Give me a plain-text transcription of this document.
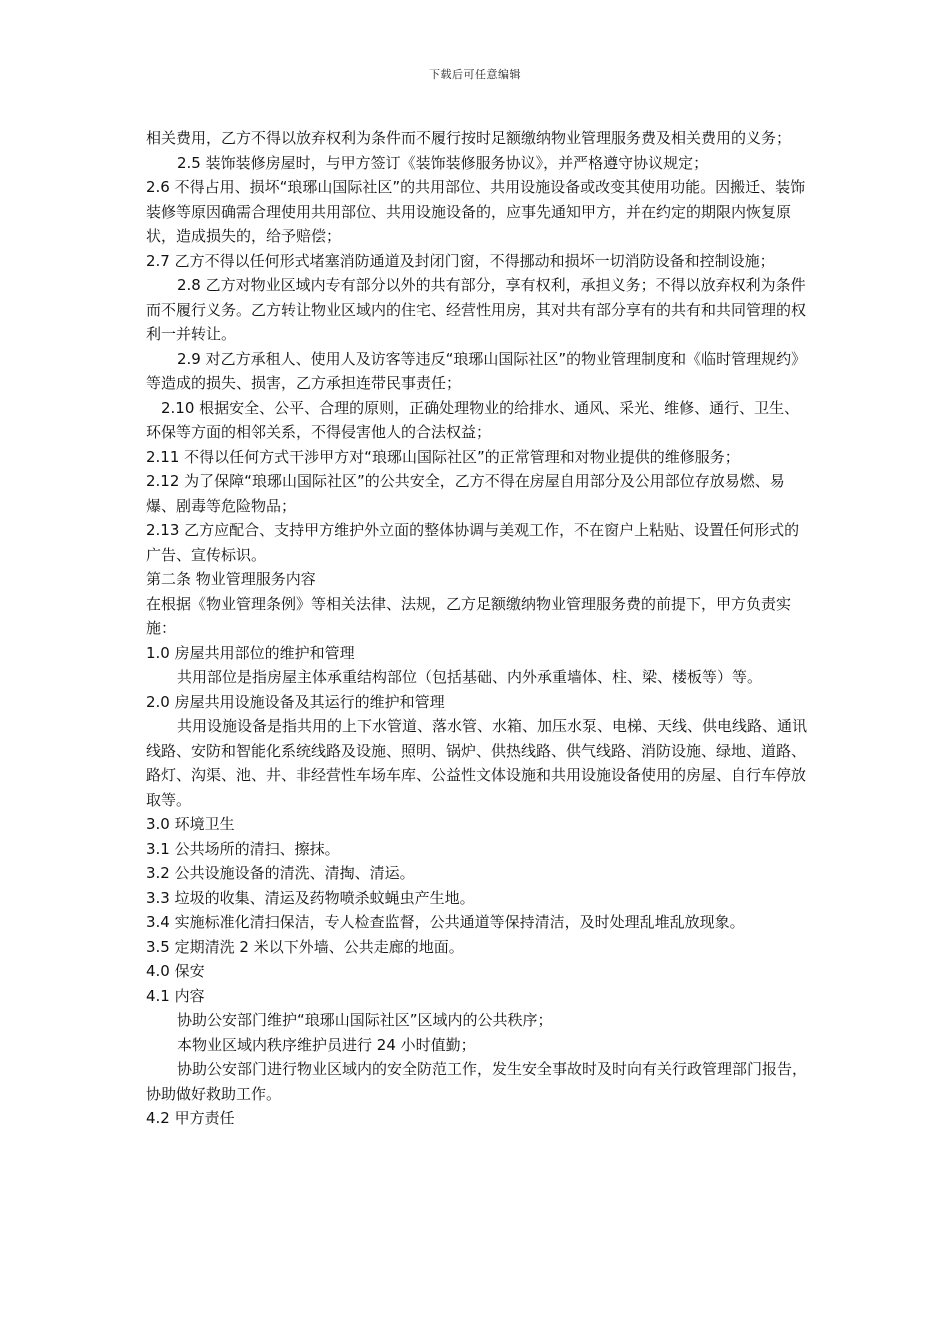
下载后可任意编辑

相关费用，乙方不得以放弃权利为条件而不履行按时足额缴纳物业管理服务费及相关费用的义务；

2.5 装饰装修房屋时，与甲方签订《装饰装修服务协议》，并严格遵守协议规定；

2.6 不得占用、损坏“琅琊山国际社区”的共用部位、共用设施设备或改变其使用功能。因搬迁、装饰装修等原因确需合理使用共用部位、共用设施设备的，应事先通知甲方，并在约定的期限内恢复原状，造成损失的，给予赔偿；

2.7 乙方不得以任何形式堵塞消防通道及封闭门窗，不得挪动和损坏一切消防设备和控制设施；

2.8 乙方对物业区域内专有部分以外的共有部分，享有权利，承担义务；不得以放弃权利为条件而不履行义务。乙方转让物业区域内的住宅、经营性用房，其对共有部分享有的共有和共同管理的权利一并转让。

2.9 对乙方承租人、使用人及访客等违反“琅琊山国际社区”的物业管理制度和《临时管理规约》等造成的损失、损害，乙方承担连带民事责任；

2.10 根据安全、公平、合理的原则，正确处理物业的给排水、通风、采光、维修、通行、卫生、环保等方面的相邻关系，不得侵害他人的合法权益；

2.11 不得以任何方式干涉甲方对“琅琊山国际社区”的正常管理和对物业提供的维修服务；

2.12 为了保障“琅琊山国际社区”的公共安全，乙方不得在房屋自用部分及公用部位存放易燃、易爆、剧毒等危险物品；

2.13 乙方应配合、支持甲方维护外立面的整体协调与美观工作，不在窗户上粘贴、设置任何形式的广告、宣传标识。

第二条 物业管理服务内容

在根据《物业管理条例》等相关法律、法规，乙方足额缴纳物业管理服务费的前提下，甲方负责实施：

1.0 房屋共用部位的维护和管理

共用部位是指房屋主体承重结构部位（包括基础、内外承重墙体、柱、梁、楼板等）等。

2.0 房屋共用设施设备及其运行的维护和管理

共用设施设备是指共用的上下水管道、落水管、水箱、加压水泵、电梯、天线、供电线路、通讯线路、安防和智能化系统线路及设施、照明、锅炉、供热线路、供气线路、消防设施、绿地、道路、路灯、沟渠、池、井、非经营性车场车库、公益性文体设施和共用设施设备使用的房屋、自行车停放取等。

3.0 环境卫生

3.1 公共场所的清扫、擦抹。

3.2 公共设施设备的清洗、清掏、清运。

3.3 垃圾的收集、清运及药物喷杀蚊蝇虫产生地。

3.4 实施标准化清扫保洁，专人检查监督，公共通道等保持清洁，及时处理乱堆乱放现象。

3.5 定期清洗 2 米以下外墙、公共走廊的地面。

4.0 保安

4.1 内容

协助公安部门维护“琅琊山国际社区”区域内的公共秩序；

本物业区域内秩序维护员进行 24 小时值勤；

协助公安部门进行物业区域内的安全防范工作，发生安全事故时及时向有关行政管理部门报告，协助做好救助工作。

4.2 甲方责任
